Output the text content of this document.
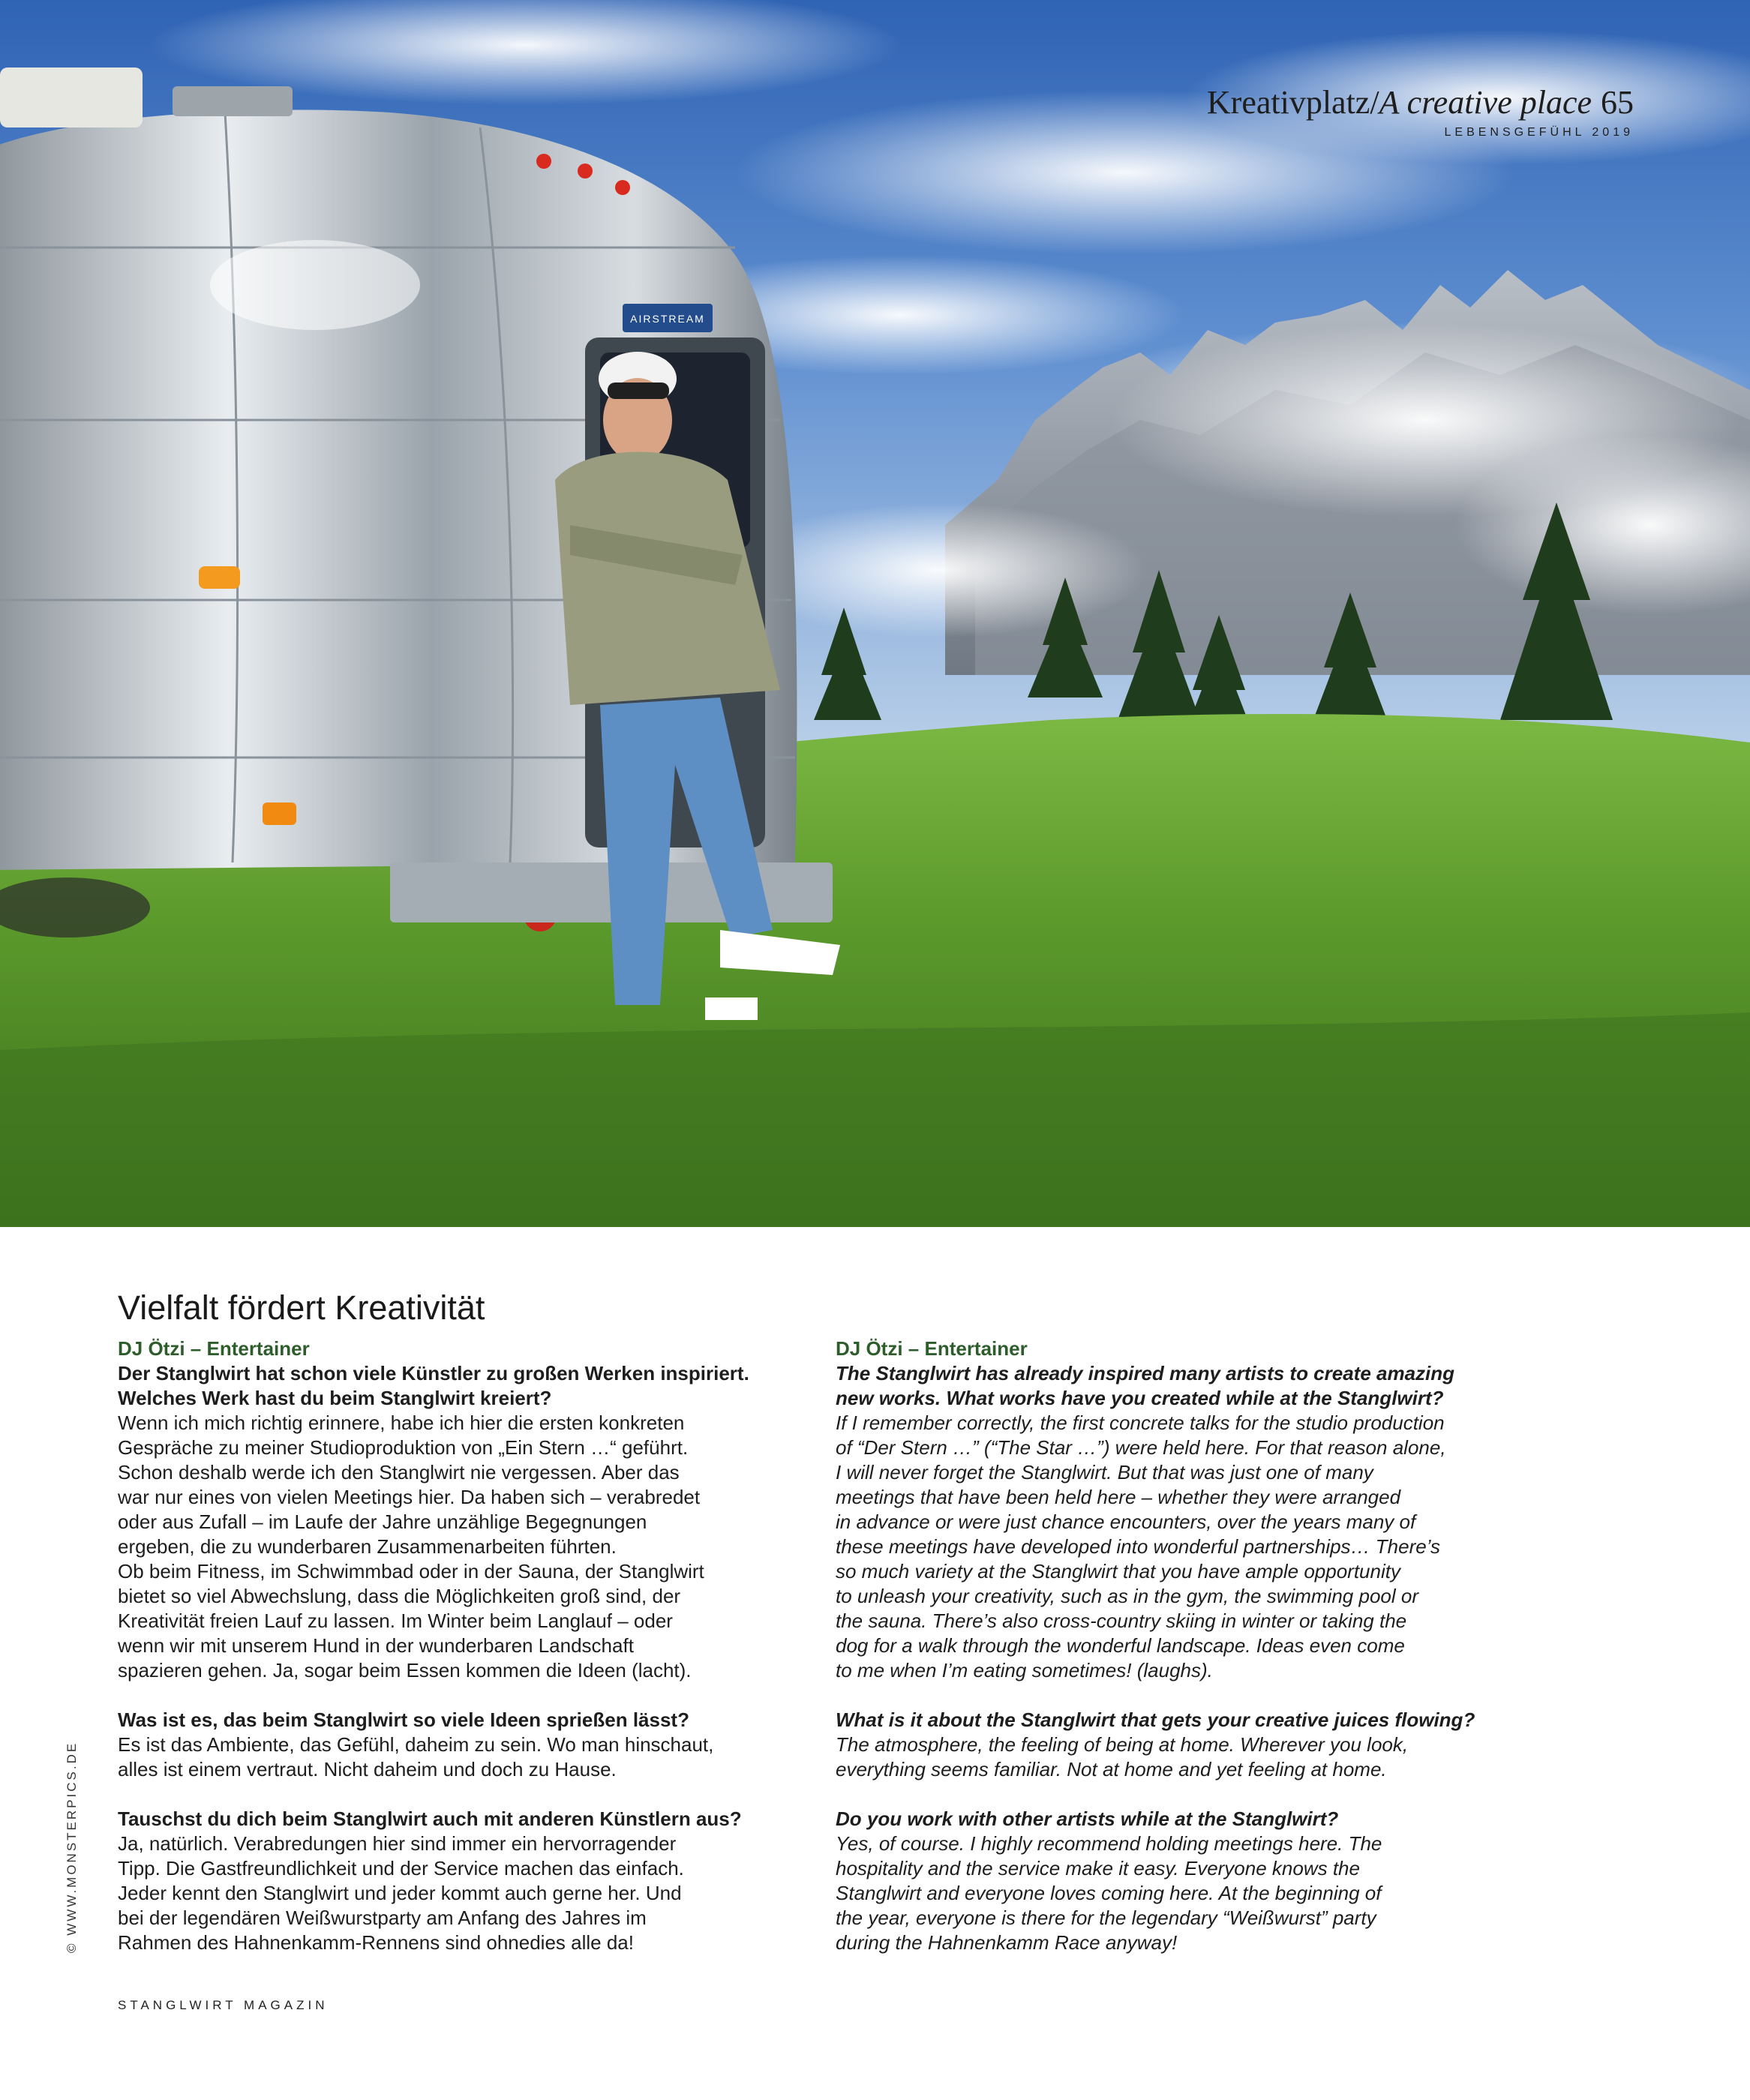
AIRSTREAM
Kreativplatz/A creative place 65
LEBENSGEFÜHL 2019
Vielfalt fördert Kreativität

DJ Ötzi – Entertainer

Der Stanglwirt hat schon viele Künstler zu großen Werken inspiriert.

Welches Werk hast du beim Stanglwirt kreiert?

Wenn ich mich richtig erinnere, habe ich hier die ersten konkreten

Gespräche zu meiner Studioproduktion von „Ein Stern …“ geführt.

Schon deshalb werde ich den Stanglwirt nie vergessen. Aber das

war nur eines von vielen Meetings hier. Da haben sich – verabredet

oder aus Zufall – im Laufe der Jahre unzählige Begegnungen

ergeben, die zu wunderbaren Zusammenarbeiten führten.

Ob beim Fitness, im Schwimmbad oder in der Sauna, der Stanglwirt

bietet so viel Abwechslung, dass die Möglichkeiten groß sind, der

Kreativität freien Lauf zu lassen. Im Winter beim Langlauf – oder

wenn wir mit unserem Hund in der wunderbaren Landschaft

spazieren gehen. Ja, sogar beim Essen kommen die Ideen (lacht).

Was ist es, das beim Stanglwirt so viele Ideen sprießen lässt?

Es ist das Ambiente, das Gefühl, daheim zu sein. Wo man hinschaut,

alles ist einem vertraut. Nicht daheim und doch zu Hause.

Tauschst du dich beim Stanglwirt auch mit anderen Künstlern aus?

Ja, natürlich. Verabredungen hier sind immer ein hervorragender

Tipp. Die Gastfreundlichkeit und der Service machen das einfach.

Jeder kennt den Stanglwirt und jeder kommt auch gerne her. Und

bei der legendären Weißwurstparty am Anfang des Jahres im

Rahmen des Hahnenkamm-Rennens sind ohnedies alle da!

DJ Ötzi – Entertainer

The Stanglwirt has already inspired many artists to create amazing

new works. What works have you created while at the Stanglwirt?

If I remember correctly, the first concrete talks for the studio production

of “Der Stern …” (“The Star …”) were held here. For that reason alone,

I will never forget the Stanglwirt. But that was just one of many

meetings that have been held here – whether they were arranged

in advance or were just chance encounters, over the years many of

these meetings have developed into wonderful partnerships… There’s

so much variety at the Stanglwirt that you have ample opportunity

to unleash your creativity, such as in the gym, the swimming pool or

the sauna. There’s also cross-country skiing in winter or taking the

dog for a walk through the wonderful landscape. Ideas even come

to me when I’m eating sometimes! (laughs).

What is it about the Stanglwirt that gets your creative juices flowing?

The atmosphere, the feeling of being at home. Wherever you look,

everything seems familiar. Not at home and yet feeling at home.

Do you work with other artists while at the Stanglwirt?

Yes, of course. I highly recommend holding meetings here. The

hospitality and the service make it easy. Everyone knows the

Stanglwirt and everyone loves coming here. At the beginning of

the year, everyone is there for the legendary “Weißwurst” party

during the Hahnenkamm Race anyway!

© WWW.MONSTERPICS.DE
STANGLWIRT MAGAZIN
